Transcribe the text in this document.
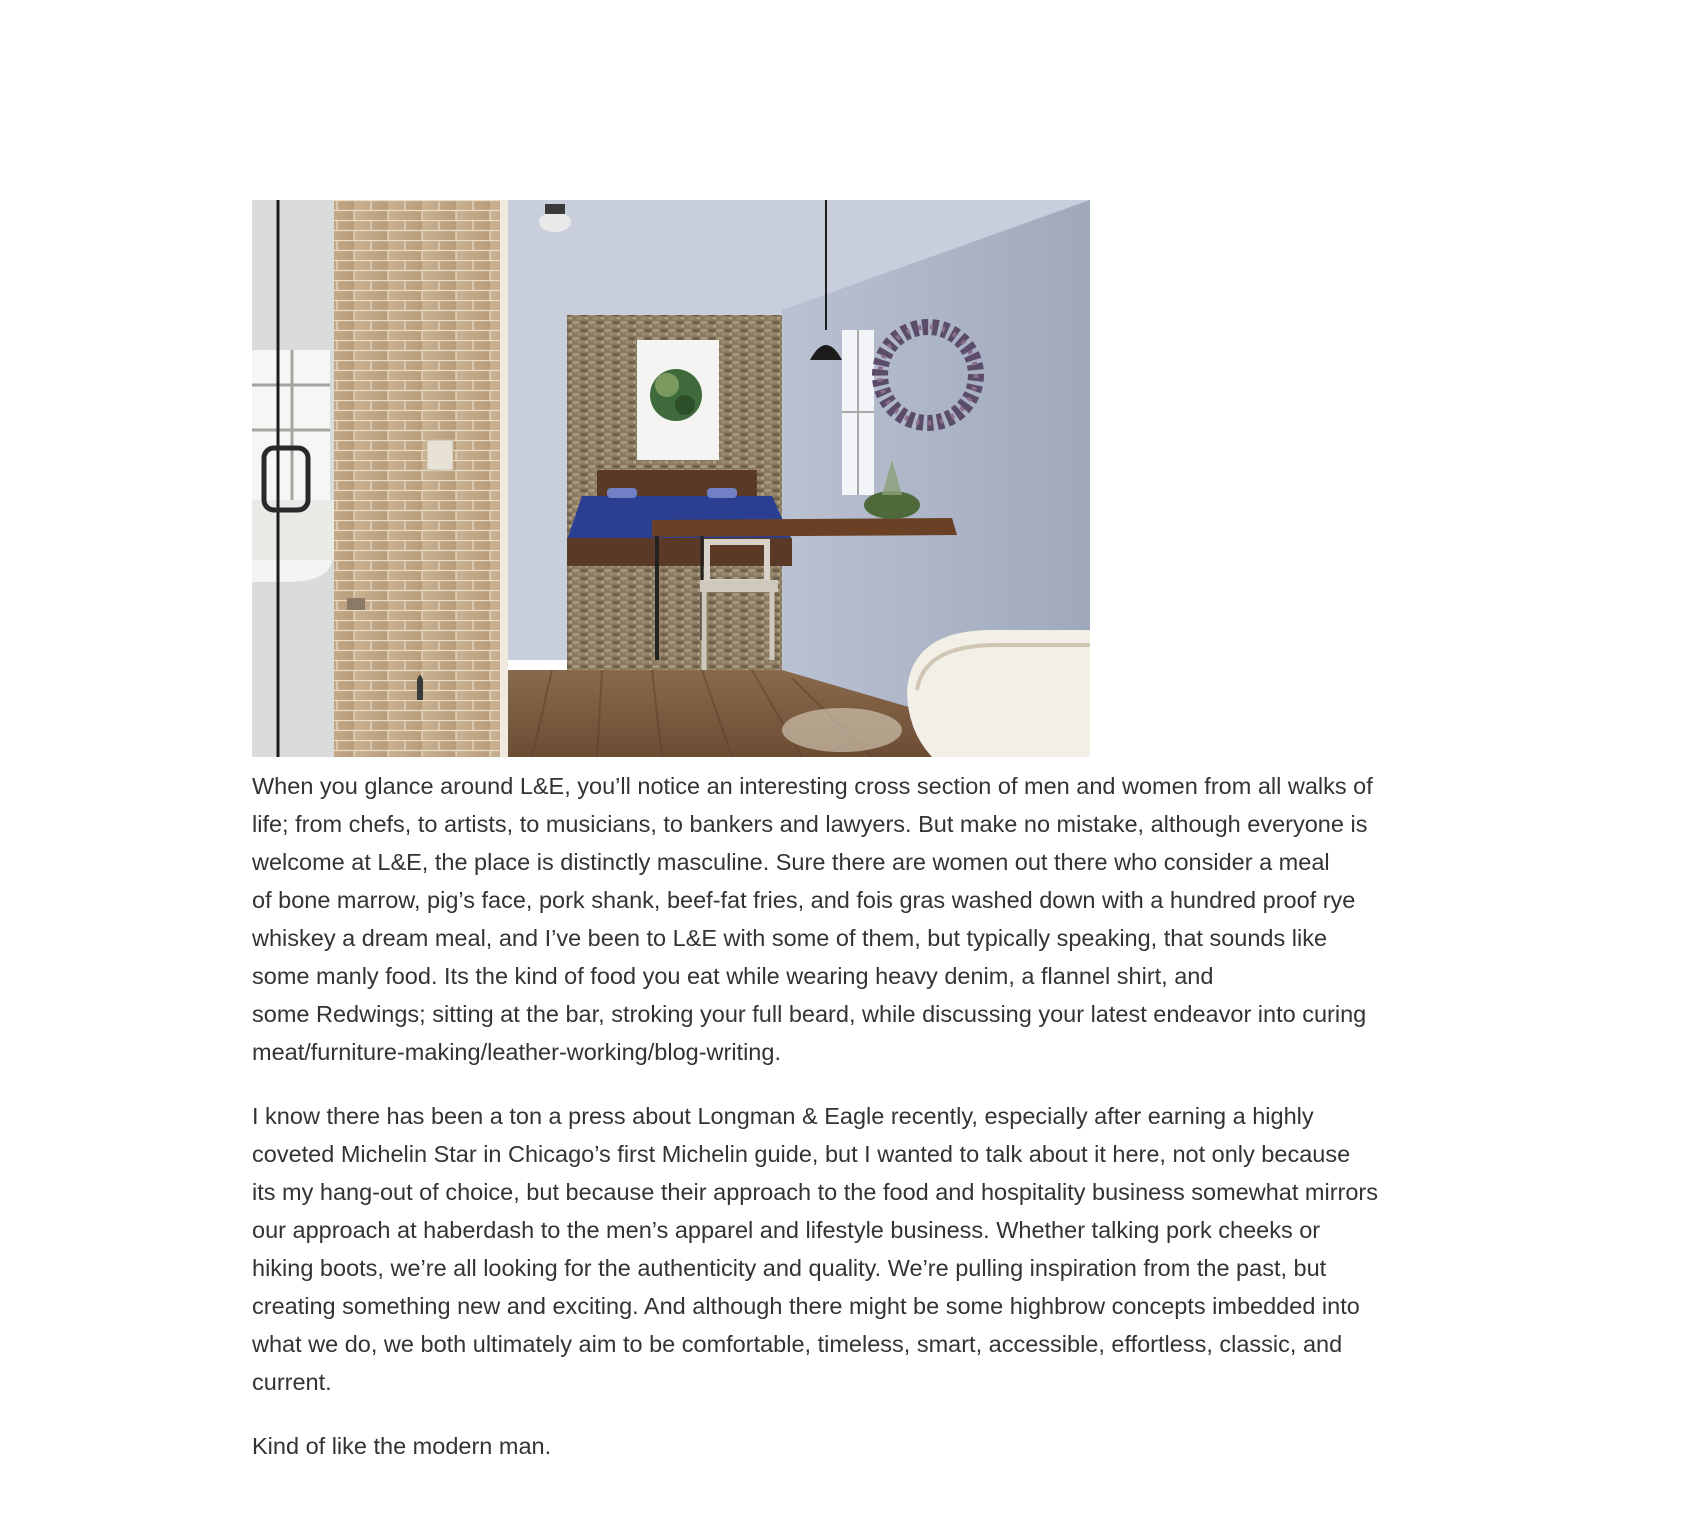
When you glance around L&E, you’ll notice an interesting cross section of men and women from all walks of
life; from chefs, to artists, to musicians, to bankers and lawyers. But make no mistake, although everyone is
welcome at L&E, the place is distinctly masculine. Sure there are women out there who consider a meal
of bone marrow, pig’s face, pork shank, beef-fat fries, and fois gras washed down with a hundred proof rye
whiskey a dream meal, and I’ve been to L&E with some of them, but typically speaking, that sounds like
some manly food. Its the kind of food you eat while wearing heavy denim, a flannel shirt, and
some Redwings; sitting at the bar, stroking your full beard, while discussing your latest endeavor into curing
meat/furniture-making/leather-working/blog-writing.

I know there has been a ton a press about Longman & Eagle recently, especially after earning a highly
coveted Michelin Star in Chicago’s first Michelin guide, but I wanted to talk about it here, not only because
its my hang-out of choice, but because their approach to the food and hospitality business somewhat mirrors
our approach at haberdash to the men’s apparel and lifestyle business. Whether talking pork cheeks or
hiking boots, we’re all looking for the authenticity and quality. We’re pulling inspiration from the past, but
creating something new and exciting. And although there might be some highbrow concepts imbedded into
what we do, we both ultimately aim to be comfortable, timeless, smart, accessible, effortless, classic, and
current.

Kind of like the modern man.
